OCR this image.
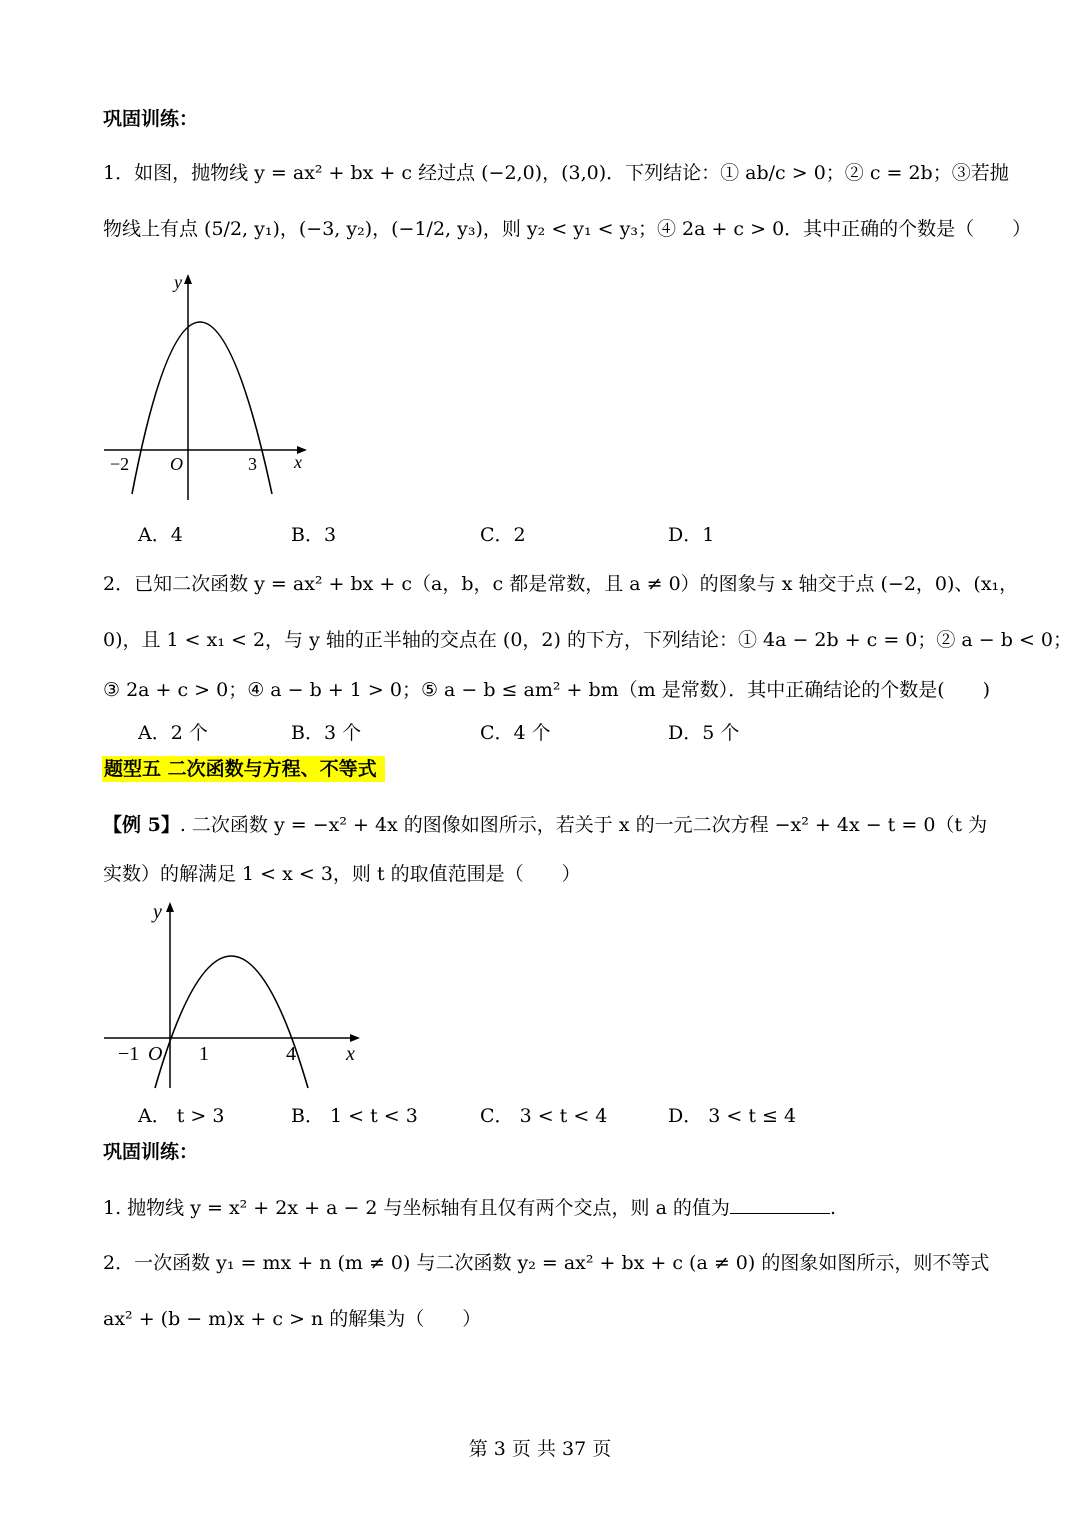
巩固训练：
1．如图，抛物线 y = ax² + bx + c 经过点 (−2,0)，(3,0)．下列结论：① ab/c > 0；② c = 2b；③若抛
物线上有点 (5/2, y₁)，(−3, y₂)，(−1/2, y₃)，则 y₂ < y₁ < y₃；④ 2a + c > 0．其中正确的个数是（　　）
y
x
O
−2	3
A．4	B．3	C．2	D．1
2．已知二次函数 y = ax² + bx + c（a，b，c 都是常数，且 a ≠ 0）的图象与 x 轴交于点 (−2，0)、(x₁，
0)，且 1 < x₁ < 2，与 y 轴的正半轴的交点在 (0，2) 的下方，下列结论：① 4a − 2b + c = 0；② a − b < 0；
③ 2a + c > 0；④ a − b + 1 > 0；⑤ a − b ≤ am² + bm（m 是常数）．其中正确结论的个数是(　　)
A．2 个	B．3 个	C．4 个	D．5 个
题型五 二次函数与方程、不等式
【例 5】. 二次函数 y = −x² + 4x 的图像如图所示，若关于 x 的一元二次方程 −x² + 4x − t = 0（t 为
实数）的解满足 1 < x < 3，则 t 的取值范围是（　　）
y
x
O
−1	1	4
A． t > 3	B． 1 < t < 3	C． 3 < t < 4	D． 3 < t ≤ 4
巩固训练：
1. 抛物线 y = x² + 2x + a − 2 与坐标轴有且仅有两个交点，则 a 的值为	.
2．一次函数 y₁ = mx + n (m ≠ 0) 与二次函数 y₂ = ax² + bx + c (a ≠ 0) 的图象如图所示，则不等式
ax² + (b − m)x + c > n 的解集为（　　）
第 3 页 共 37 页
